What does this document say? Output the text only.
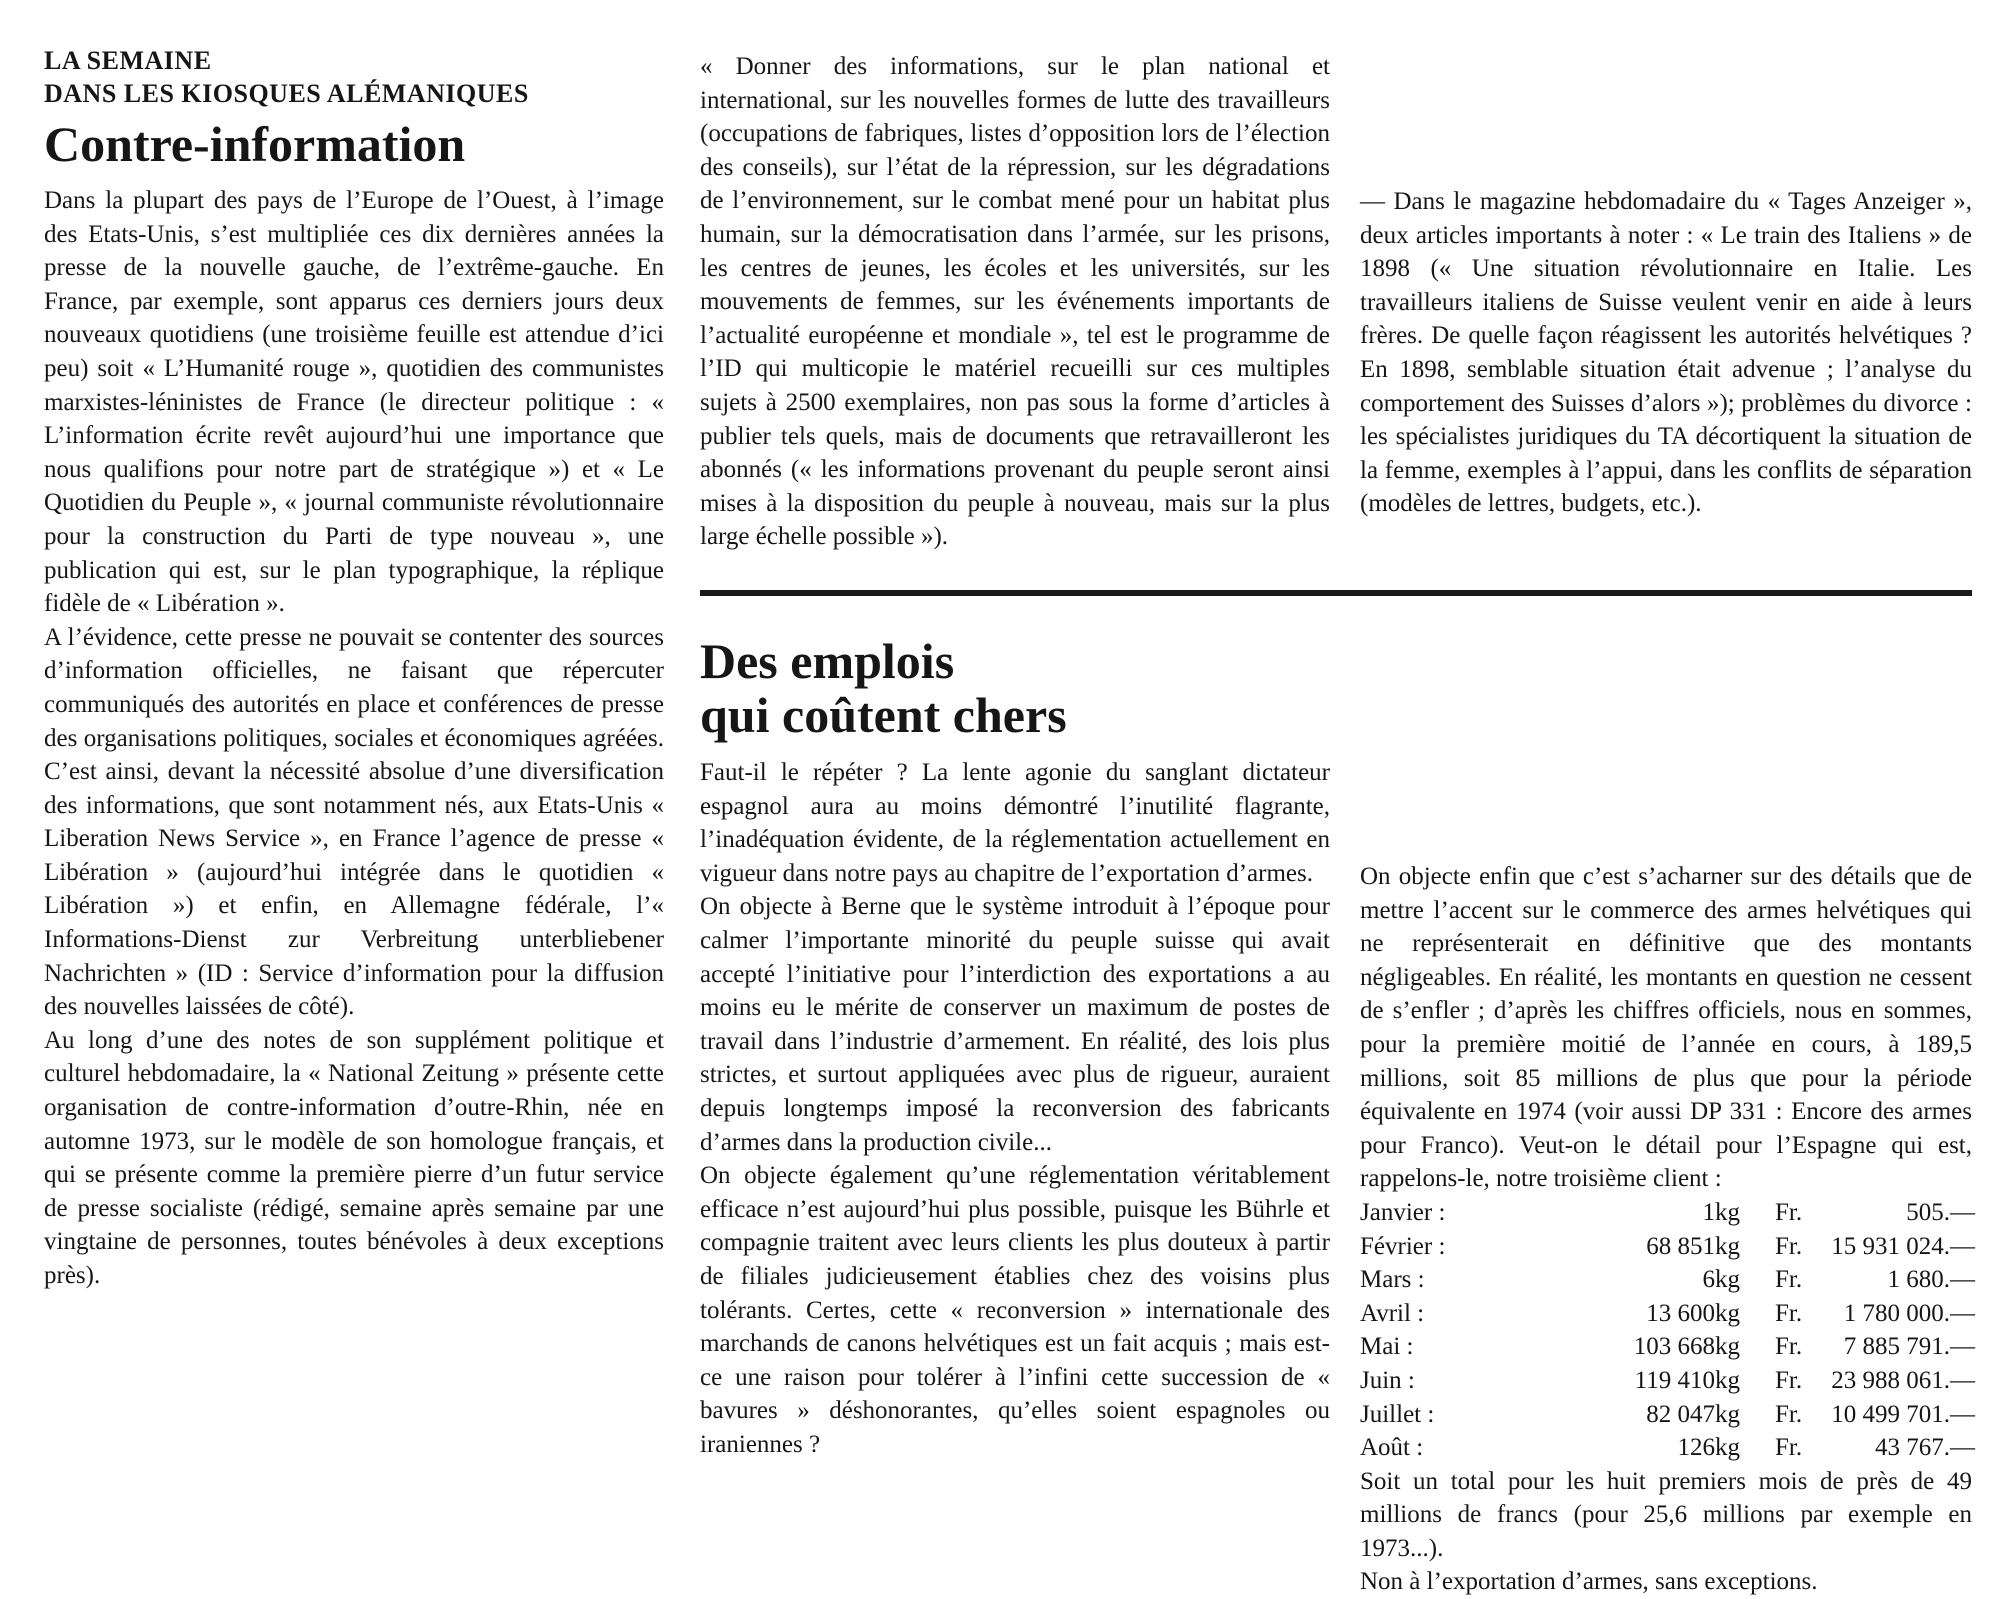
LA SEMAINE
DANS LES KIOSQUES ALÉMANIQUES
Contre-information

Dans la plupart des pays de l’Europe de l’Ouest, à l’image des Etats-Unis, s’est multipliée ces dix dernières années la presse de la nouvelle gauche, de l’extrême-gauche. En France, par exemple, sont apparus ces derniers jours deux nouveaux quotidiens (une troisième feuille est attendue d’ici peu) soit « L’Humanité rouge », quotidien des communistes marxistes-léninistes de France (le directeur politique : « L’information écrite revêt aujourd’hui une importance que nous qualifions pour notre part de stratégique ») et « Le Quotidien du Peuple », « journal communiste révolutionnaire pour la construction du Parti de type nouveau », une publication qui est, sur le plan typographique, la réplique fidèle de « Libération ».

A l’évidence, cette presse ne pouvait se contenter des sources d’information officielles, ne faisant que répercuter communiqués des autorités en place et conférences de presse des organisations politiques, sociales et économiques agréées. C’est ainsi, devant la nécessité absolue d’une diversification des informations, que sont notamment nés, aux Etats-Unis « Liberation News Service », en France l’agence de presse « Libération » (aujourd’hui intégrée dans le quotidien « Libération ») et enfin, en Allemagne fédérale, l’« Informations-Dienst zur Verbreitung unterbliebener Nachrichten » (ID : Service d’information pour la diffusion des nouvelles laissées de côté).

Au long d’une des notes de son supplément politique et culturel hebdomadaire, la « National Zeitung » présente cette organisation de contre-information d’outre-Rhin, née en automne 1973, sur le modèle de son homologue français, et qui se présente comme la première pierre d’un futur service de presse socialiste (rédigé, semaine après semaine par une vingtaine de personnes, toutes bénévoles à deux exceptions près).

« Donner des informations, sur le plan national et international, sur les nouvelles formes de lutte des travailleurs (occupations de fabriques, listes d’opposition lors de l’élection des conseils), sur l’état de la répression, sur les dégradations de l’environnement, sur le combat mené pour un habitat plus humain, sur la démocratisation dans l’armée, sur les prisons, les centres de jeunes, les écoles et les universités, sur les mouvements de femmes, sur les événements importants de l’actualité européenne et mondiale », tel est le programme de l’ID qui multicopie le matériel recueilli sur ces multiples sujets à 2500 exemplaires, non pas sous la forme d’articles à publier tels quels, mais de documents que retravailleront les abonnés (« les informations provenant du peuple seront ainsi mises à la disposition du peuple à nouveau, mais sur la plus large échelle possible »).

— Dans le magazine hebdomadaire du « Tages Anzeiger », deux articles importants à noter : « Le train des Italiens » de 1898 (« Une situation révolutionnaire en Italie. Les travailleurs italiens de Suisse veulent venir en aide à leurs frères. De quelle façon réagissent les autorités helvétiques ? En 1898, semblable situation était advenue ; l’analyse du comportement des Suisses d’alors »); problèmes du divorce : les spécialistes juridiques du TA décortiquent la situation de la femme, exemples à l’appui, dans les conflits de séparation (modèles de lettres, budgets, etc.).

Des emplois
qui coûtent chers

Faut-il le répéter ? La lente agonie du sanglant dictateur espagnol aura au moins démontré l’inutilité flagrante, l’inadéquation évidente, de la réglementation actuellement en vigueur dans notre pays au chapitre de l’exportation d’armes.

On objecte à Berne que le système introduit à l’époque pour calmer l’importante minorité du peuple suisse qui avait accepté l’initiative pour l’interdiction des exportations a au moins eu le mérite de conserver un maximum de postes de travail dans l’industrie d’armement. En réalité, des lois plus strictes, et surtout appliquées avec plus de rigueur, auraient depuis longtemps imposé la reconversion des fabricants d’armes dans la production civile...

On objecte également qu’une réglementation véritablement efficace n’est aujourd’hui plus possible, puisque les Bührle et compagnie traitent avec leurs clients les plus douteux à partir de filiales judicieusement établies chez des voisins plus tolérants. Certes, cette « reconversion » internationale des marchands de canons helvétiques est un fait acquis ; mais est-ce une raison pour tolérer à l’infini cette succession de « bavures » déshonorantes, qu’elles soient espagnoles ou iraniennes ?

On objecte enfin que c’est s’acharner sur des détails que de mettre l’accent sur le commerce des armes helvétiques qui ne représenterait en définitive que des montants négligeables. En réalité, les montants en question ne cessent de s’enfler ; d’après les chiffres officiels, nous en sommes, pour la première moitié de l’année en cours, à 189,5 millions, soit 85 millions de plus que pour la période équivalente en 1974 (voir aussi DP 331 : Encore des armes pour Franco). Veut-on le détail pour l’Espagne qui est, rappelons-le, notre troisième client :

Janvier :	1	kg	Fr.	505.—
Février :	68 851	kg	Fr.	15 931 024.—
Mars :	6	kg	Fr.	1 680.—
Avril :	13 600	kg	Fr.	1 780 000.—
Mai :	103 668	kg	Fr.	7 885 791.—
Juin :	119 410	kg	Fr.	23 988 061.—
Juillet :	82 047	kg	Fr.	10 499 701.—
Août :	126	kg	Fr.	43 767.—

Soit un total pour les huit premiers mois de près de 49 millions de francs (pour 25,6 millions par exemple en 1973...).

Non à l’exportation d’armes, sans exceptions.
